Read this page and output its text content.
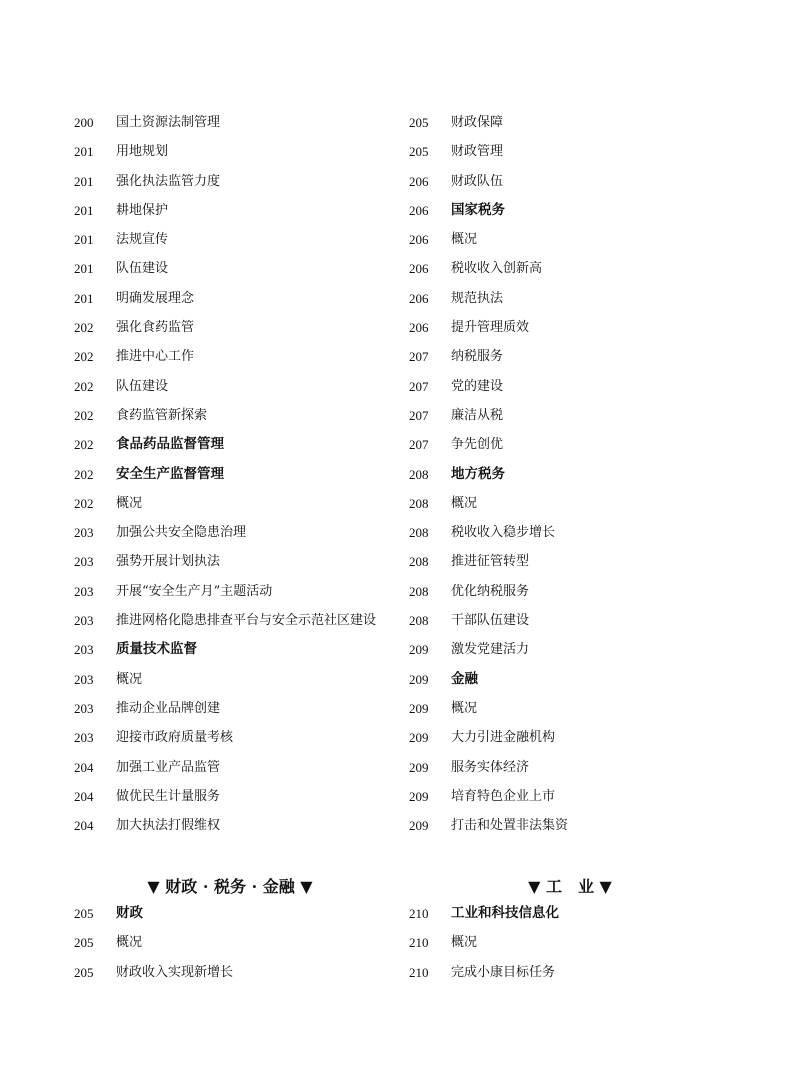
200	国土资源法制管理
201	用地规划
201	强化执法监管力度
201	耕地保护
201	法规宣传
201	队伍建设
201	明确发展理念
202	强化食药监管
202	推进中心工作
202	队伍建设
202	食药监管新探索
202	食品药品监督管理
202	安全生产监督管理
202	概况
203	加强公共安全隐患治理
203	强势开展计划执法
203	开展“安全生产月”主题活动
203	推进网格化隐患排查平台与安全示范社区建设
203	质量技术监督
203	概况
203	推动企业品牌创建
203	迎接市政府质量考核
204	加强工业产品监管
204	做优民生计量服务
204	加大执法打假维权
205	财政保障
205	财政管理
206	财政队伍
206	国家税务
206	概况
206	税收收入创新高
206	规范执法
206	提升管理质效
207	纳税服务
207	党的建设
207	廉洁从税
207	争先创优
208	地方税务
208	概况
208	税收收入稳步增长
208	推进征管转型
208	优化纳税服务
208	干部队伍建设
209	激发党建活力
209	金融
209	概况
209	大力引进金融机构
209	服务实体经济
209	培育特色企业上市
209	打击和处置非法集资
▼ 财政 · 税务 · 金融 ▼	▼ 工　业 ▼
205	财政
205	概况
205	财政收入实现新增长
210	工业和科技信息化
210	概况
210	完成小康目标任务
